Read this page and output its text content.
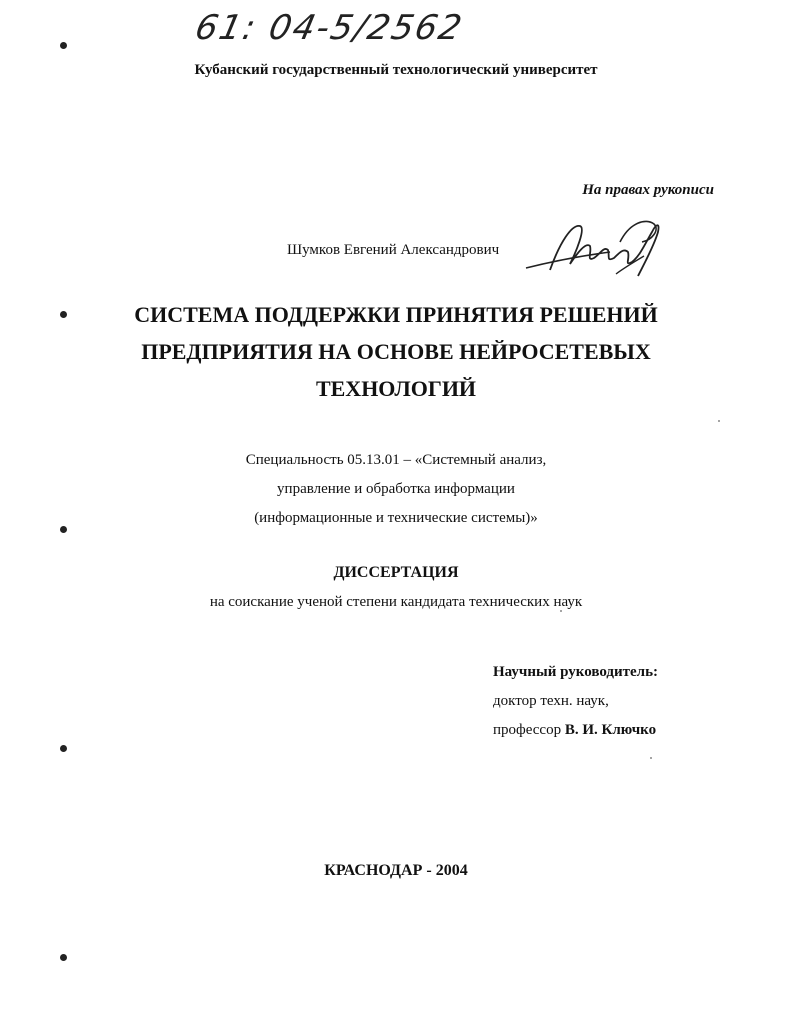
61: 04-5/2562
Кубанский государственный технологический университет
На правах рукописи
Шумков Евгений Александрович
СИСТЕМА ПОДДЕРЖКИ ПРИНЯТИЯ РЕШЕНИЙ
ПРЕДПРИЯТИЯ НА ОСНОВЕ НЕЙРОСЕТЕВЫХ
ТЕХНОЛОГИЙ
Специальность 05.13.01 – «Системный анализ,
управление и обработка информации
(информационные и технические системы)»
ДИССЕРТАЦИЯ
на соискание ученой степени кандидата технических наук
Научный руководитель:
доктор техн. наук,
профессор В. И. Ключко
КРАСНОДАР - 2004
